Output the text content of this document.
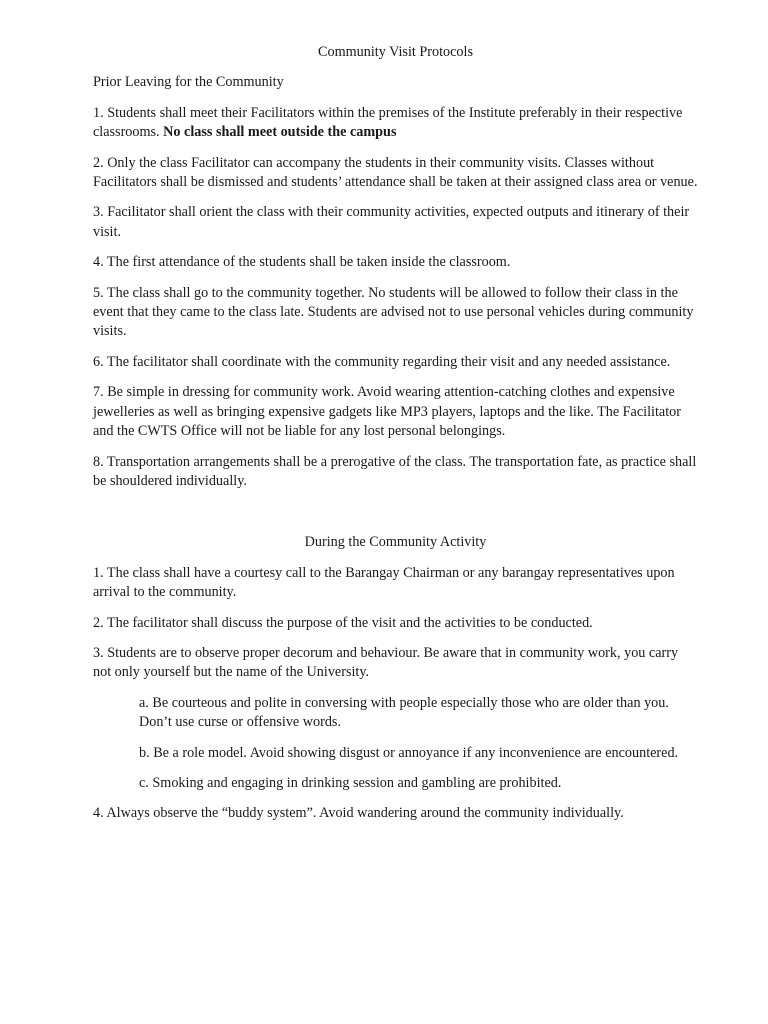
Community Visit Protocols
Prior Leaving for the Community

1. Students shall meet their Facilitators within the premises of the Institute preferably in their respective classrooms. No class shall meet outside the campus

2. Only the class Facilitator can accompany the students in their community visits. Classes without Facilitators shall be dismissed and students’ attendance shall be taken at their assigned class area or venue.

3. Facilitator shall orient the class with their community activities, expected outputs and itinerary of their visit.

4. The first attendance of the students shall be taken inside the classroom.

5. The class shall go to the community together. No students will be allowed to follow their class in the event that they came to the class late. Students are advised not to use personal vehicles during community visits.

6. The facilitator shall coordinate with the community regarding their visit and any needed assistance.

7. Be simple in dressing for community work. Avoid wearing attention-catching clothes and expensive jewelleries as well as bringing expensive gadgets like MP3 players, laptops and the like. The Facilitator and the CWTS Office will not be liable for any lost personal belongings.

8. Transportation arrangements shall be a prerogative of the class. The transportation fate, as practice shall be shouldered individually.

During the Community Activity

1. The class shall have a courtesy call to the Barangay Chairman or any barangay representatives upon arrival to the community.

2. The facilitator shall discuss the purpose of the visit and the activities to be conducted.

3. Students are to observe proper decorum and behaviour. Be aware that in community work, you carry not only yourself but the name of the University.

a. Be courteous and polite in conversing with people especially those who are older than you. Don’t use curse or offensive words.

b. Be a role model. Avoid showing disgust or annoyance if any inconvenience are encountered.

c. Smoking and engaging in drinking session and gambling are prohibited.

4. Always observe the “buddy system”. Avoid wandering around the community individually.
